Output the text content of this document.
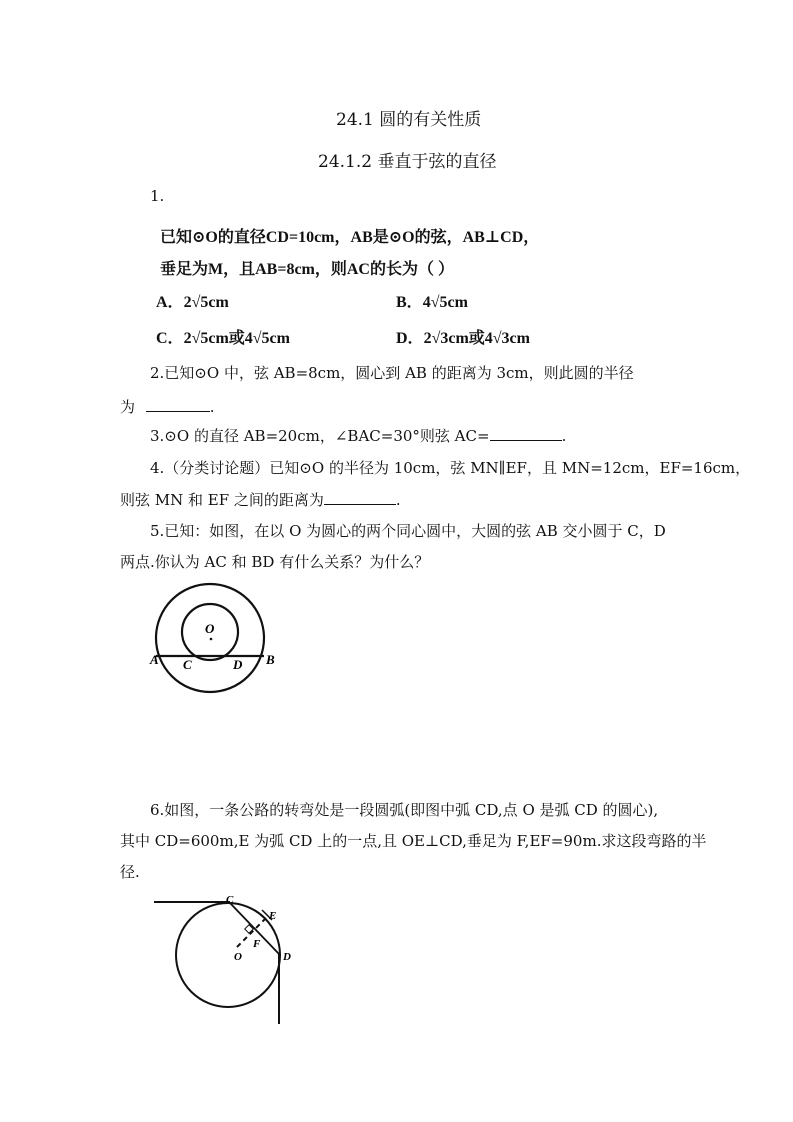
24.1 圆的有关性质
24.1.2 垂直于弦的直径
1.
已知⊙O的直径CD=10cm，AB是⊙O的弦，AB⊥CD，
垂足为M，且AB=8cm，则AC的长为（ ）
A．2√5cm	B．4√5cm
C．2√5cm或4√5cm	D．2√3cm或4√3cm
2.已知⊙O 中，弦 AB=8cm，圆心到 AB 的距离为 3cm，则此圆的半径
为	.
3.⊙O 的直径 AB=20cm，∠BAC=30°则弦 AC=	.
4.（分类讨论题）已知⊙O 的半径为 10cm，弦 MN∥EF，且 MN=12cm，EF=16cm，
则弦 MN 和 EF 之间的距离为	.
5.已知：如图，在以 O 为圆心的两个同心圆中，大圆的弦 AB 交小圆于 C，D
两点.你认为 AC 和 BD 有什么关系？为什么？
O
A C	D B
6.如图，一条公路的转弯处是一段圆弧(即图中弧 CD,点 O 是弧 CD 的圆心),
其中 CD=600m,E 为弧 CD 上的一点,且 OE⊥CD,垂足为 F,EF=90m.求这段弯路的半
径.
C
E
F
O	D
